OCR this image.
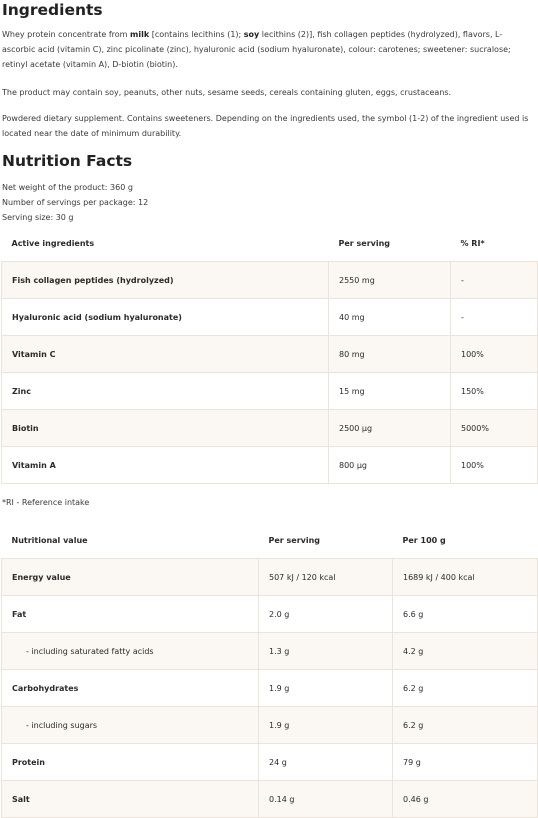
Ingredients

Whey protein concentrate from milk [contains lecithins (1); soy lecithins (2)], fish collagen peptides (hydrolyzed), flavors, L-ascorbic acid (vitamin C), zinc picolinate (zinc), hyaluronic acid (sodium hyaluronate), colour: carotenes; sweetener: sucralose; retinyl acetate (vitamin A), D-biotin (biotin).

The product may contain soy, peanuts, other nuts, sesame seeds, cereals containing gluten, eggs, crustaceans.

Powdered dietary supplement. Contains sweeteners. Depending on the ingredients used, the symbol (1-2) of the ingredient used is located near the date of minimum durability.

Nutrition Facts
Net weight of the product: 360 g
Number of servings per package: 12
Serving size: 30 g
Active ingredients	Per serving	% RI*
Fish collagen peptides (hydrolyzed)	2550 mg	-
Hyaluronic acid (sodium hyaluronate)	40 mg	-
Vitamin C	80 mg	100%
Zinc	15 mg	150%
Biotin	2500 µg	5000%
Vitamin A	800 µg	100%
*RI - Reference intake
Nutritional value	Per serving	Per 100 g
Energy value	507 kJ / 120 kcal	1689 kJ / 400 kcal
Fat	2.0 g	6.6 g
- including saturated fatty acids	1.3 g	4.2 g
Carbohydrates	1.9 g	6.2 g
- including sugars	1.9 g	6.2 g
Protein	24 g	79 g
Salt	0.14 g	0.46 g
